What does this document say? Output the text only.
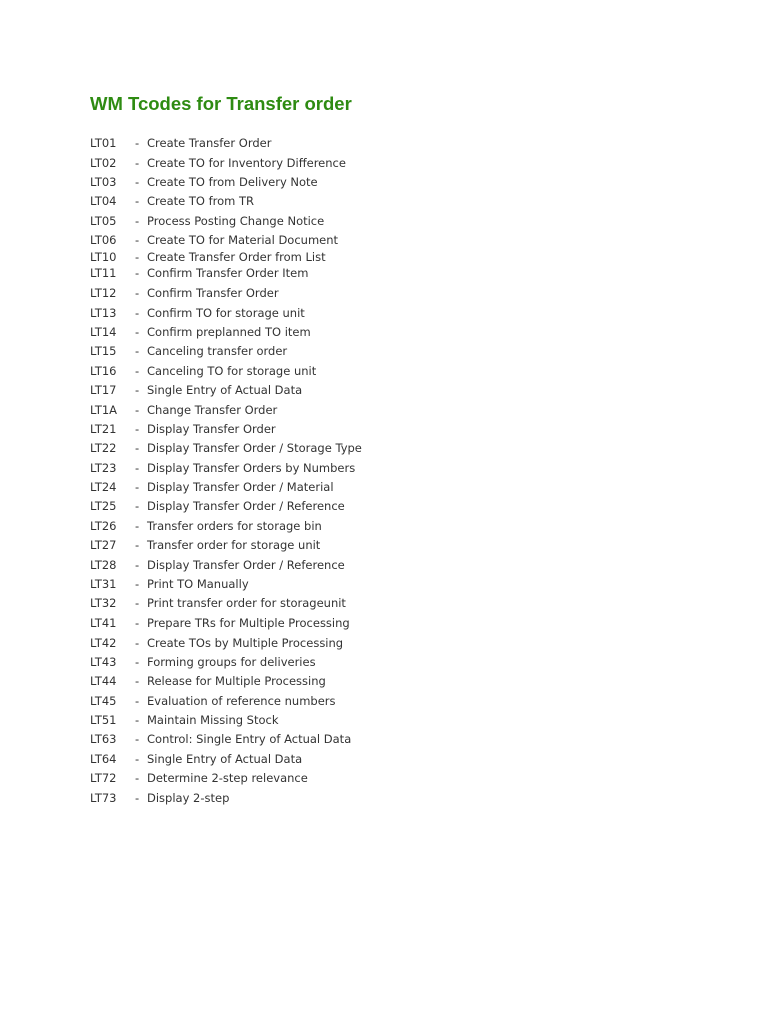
WM Tcodes for Transfer order
LT01 - Create Transfer Order
LT02 - Create TO for Inventory Difference
LT03 - Create TO from Delivery Note
LT04 - Create TO from TR
LT05 - Process Posting Change Notice
LT06 - Create TO for Material Document
LT10 - Create Transfer Order from List
LT11 - Confirm Transfer Order Item
LT12 - Confirm Transfer Order
LT13 - Confirm TO for storage unit
LT14 - Confirm preplanned TO item
LT15 - Canceling transfer order
LT16 - Canceling TO for storage unit
LT17 - Single Entry of Actual Data
LT1A - Change Transfer Order
LT21 - Display Transfer Order
LT22 - Display Transfer Order / Storage Type
LT23 - Display Transfer Orders by Numbers
LT24 - Display Transfer Order / Material
LT25 - Display Transfer Order / Reference
LT26 - Transfer orders for storage bin
LT27 - Transfer order for storage unit
LT28 - Display Transfer Order / Reference
LT31 - Print TO Manually
LT32 - Print transfer order for storageunit
LT41 - Prepare TRs for Multiple Processing
LT42 - Create TOs by Multiple Processing
LT43 - Forming groups for deliveries
LT44 - Release for Multiple Processing
LT45 - Evaluation of reference numbers
LT51 - Maintain Missing Stock
LT63 - Control: Single Entry of Actual Data
LT64 - Single Entry of Actual Data
LT72 - Determine 2-step relevance
LT73 - Display 2-step
